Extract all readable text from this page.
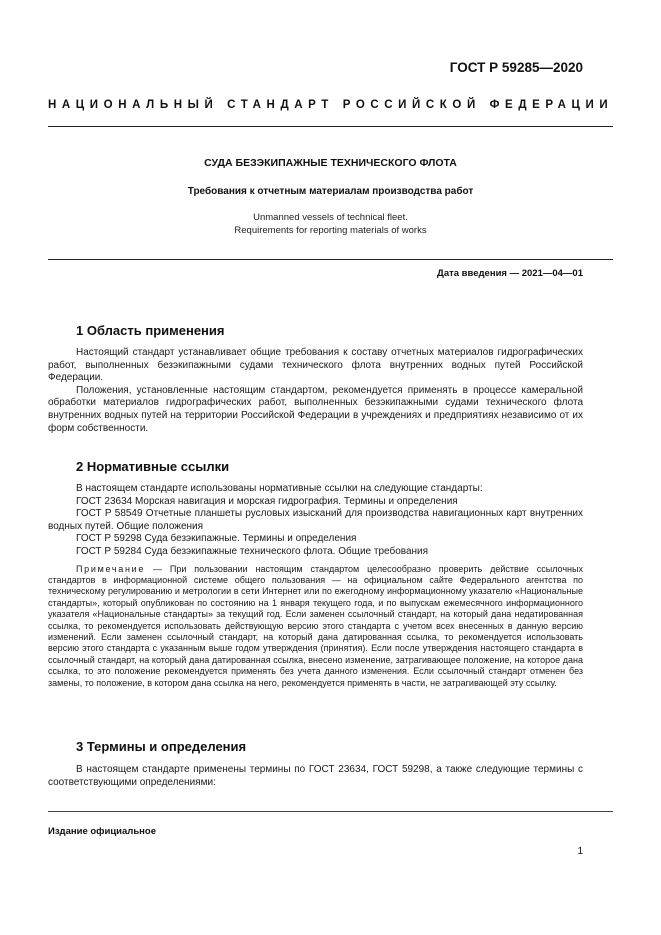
ГОСТ Р 59285—2020
НАЦИОНАЛЬНЫЙ СТАНДАРТ РОССИЙСКОЙ ФЕДЕРАЦИИ
СУДА БЕЗЭКИПАЖНЫЕ ТЕХНИЧЕСКОГО ФЛОТА
Требования к отчетным материалам производства работ
Unmanned vessels of technical fleet.
Requirements for reporting materials of works
Дата введения — 2021—04—01
1 Область применения

Настоящий стандарт устанавливает общие требования к составу отчетных материалов гидрографических работ, выполненных безэкипажными судами технического флота внутренних водных путей Российской Федерации.

Положения, установленные настоящим стандартом, рекомендуется применять в процессе камеральной обработки материалов гидрографических работ, выполненных безэкипажными судами технического флота внутренних водных путей на территории Российской Федерации в учреждениях и предприятиях независимо от их форм собственности.

2 Нормативные ссылки

В настоящем стандарте использованы нормативные ссылки на следующие стандарты:

ГОСТ 23634 Морская навигация и морская гидрография. Термины и определения

ГОСТ Р 58549 Отчетные планшеты русловых изысканий для производства навигационных карт внутренних водных путей. Общие положения

ГОСТ Р 59298 Суда безэкипажные. Термины и определения

ГОСТ Р 59284 Суда безэкипажные технического флота. Общие требования

Примечание — При пользовании настоящим стандартом целесообразно проверить действие ссылочных стандартов в информационной системе общего пользования — на официальном сайте Федерального агентства по техническому регулированию и метрологии в сети Интернет или по ежегодному информационному указателю «Национальные стандарты», который опубликован по состоянию на 1 января текущего года, и по выпускам ежемесячного информационного указателя «Национальные стандарты» за текущий год. Если заменен ссылочный стандарт, на который дана недатированная ссылка, то рекомендуется использовать действующую версию этого стандарта с учетом всех внесенных в данную версию изменений. Если заменен ссылочный стандарт, на который дана датированная ссылка, то рекомендуется использовать версию этого стандарта с указанным выше годом утверждения (принятия). Если после утверждения настоящего стандарта в ссылочный стандарт, на который дана датированная ссылка, внесено изменение, затрагивающее положение, на которое дана ссылка, то это положение рекомендуется применять без учета данного изменения. Если ссылочный стандарт отменен без замены, то положение, в котором дана ссылка на него, рекомендуется применять в части, не затрагивающей эту ссылку.

3 Термины и определения

В настоящем стандарте применены термины по ГОСТ 23634, ГОСТ 59298, а также следующие термины с соответствующими определениями:

Издание официальное
1
